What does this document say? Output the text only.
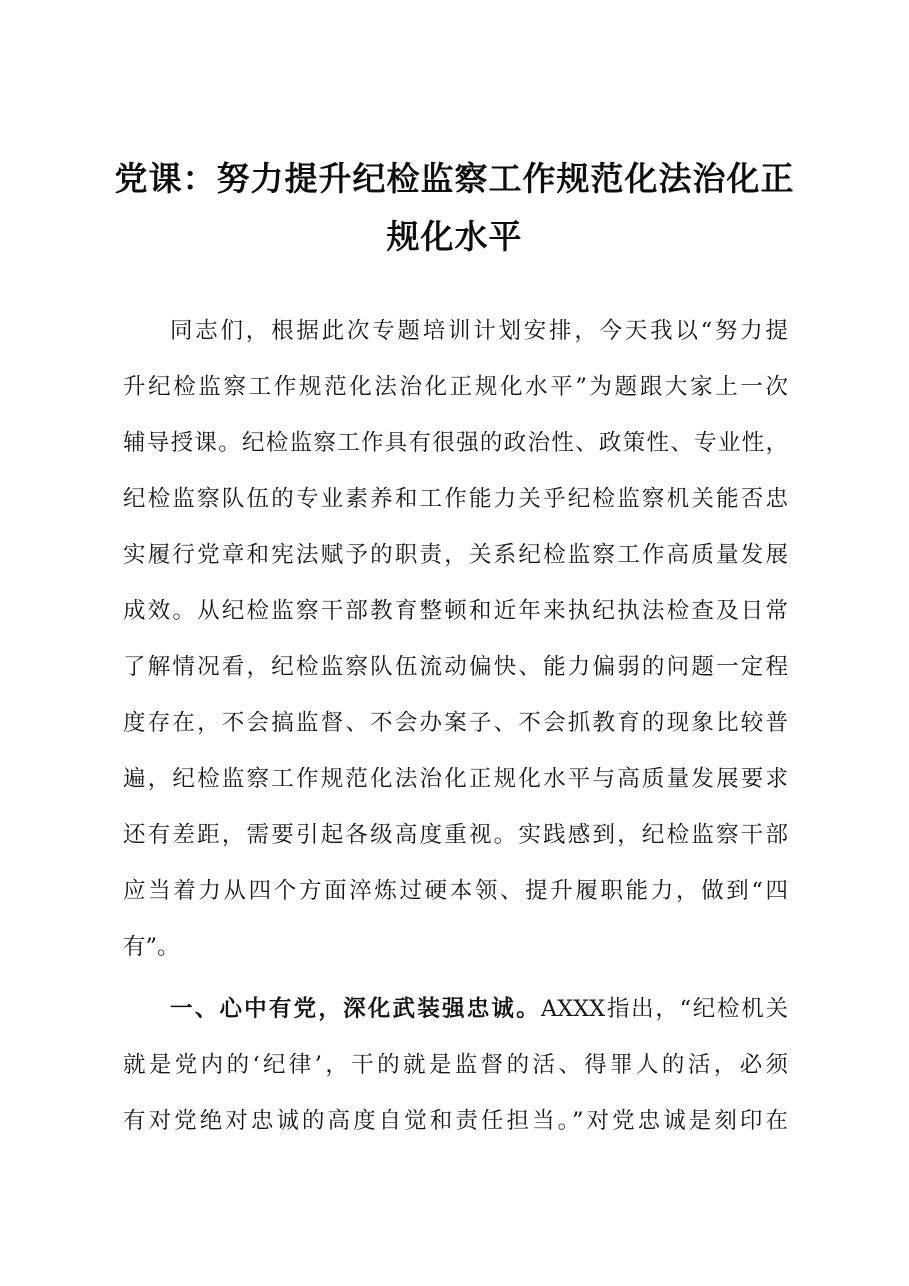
党课：努力提升纪检监察工作规范化法治化正
规化水平
同志们，根据此次专题培训计划安排，今天我以“努力提
升纪检监察工作规范化法治化正规化水平”为题跟大家上一次
辅导授课。纪检监察工作具有很强的政治性、政策性、专业性，
纪检监察队伍的专业素养和工作能力关乎纪检监察机关能否忠
实履行党章和宪法赋予的职责，关系纪检监察工作高质量发展
成效。从纪检监察干部教育整顿和近年来执纪执法检查及日常
了解情况看，纪检监察队伍流动偏快、能力偏弱的问题一定程
度存在，不会搞监督、不会办案子、不会抓教育的现象比较普
遍，纪检监察工作规范化法治化正规化水平与高质量发展要求
还有差距，需要引起各级高度重视。实践感到，纪检监察干部
应当着力从四个方面淬炼过硬本领、提升履职能力，做到“四
有”。
一、心中有党，深化武装强忠诚。AXXX指出，“纪检机关
就是党内的‘纪律’，干的就是监督的活、得罪人的活，必须
有对党绝对忠诚的高度自觉和责任担当。”对党忠诚是刻印在
